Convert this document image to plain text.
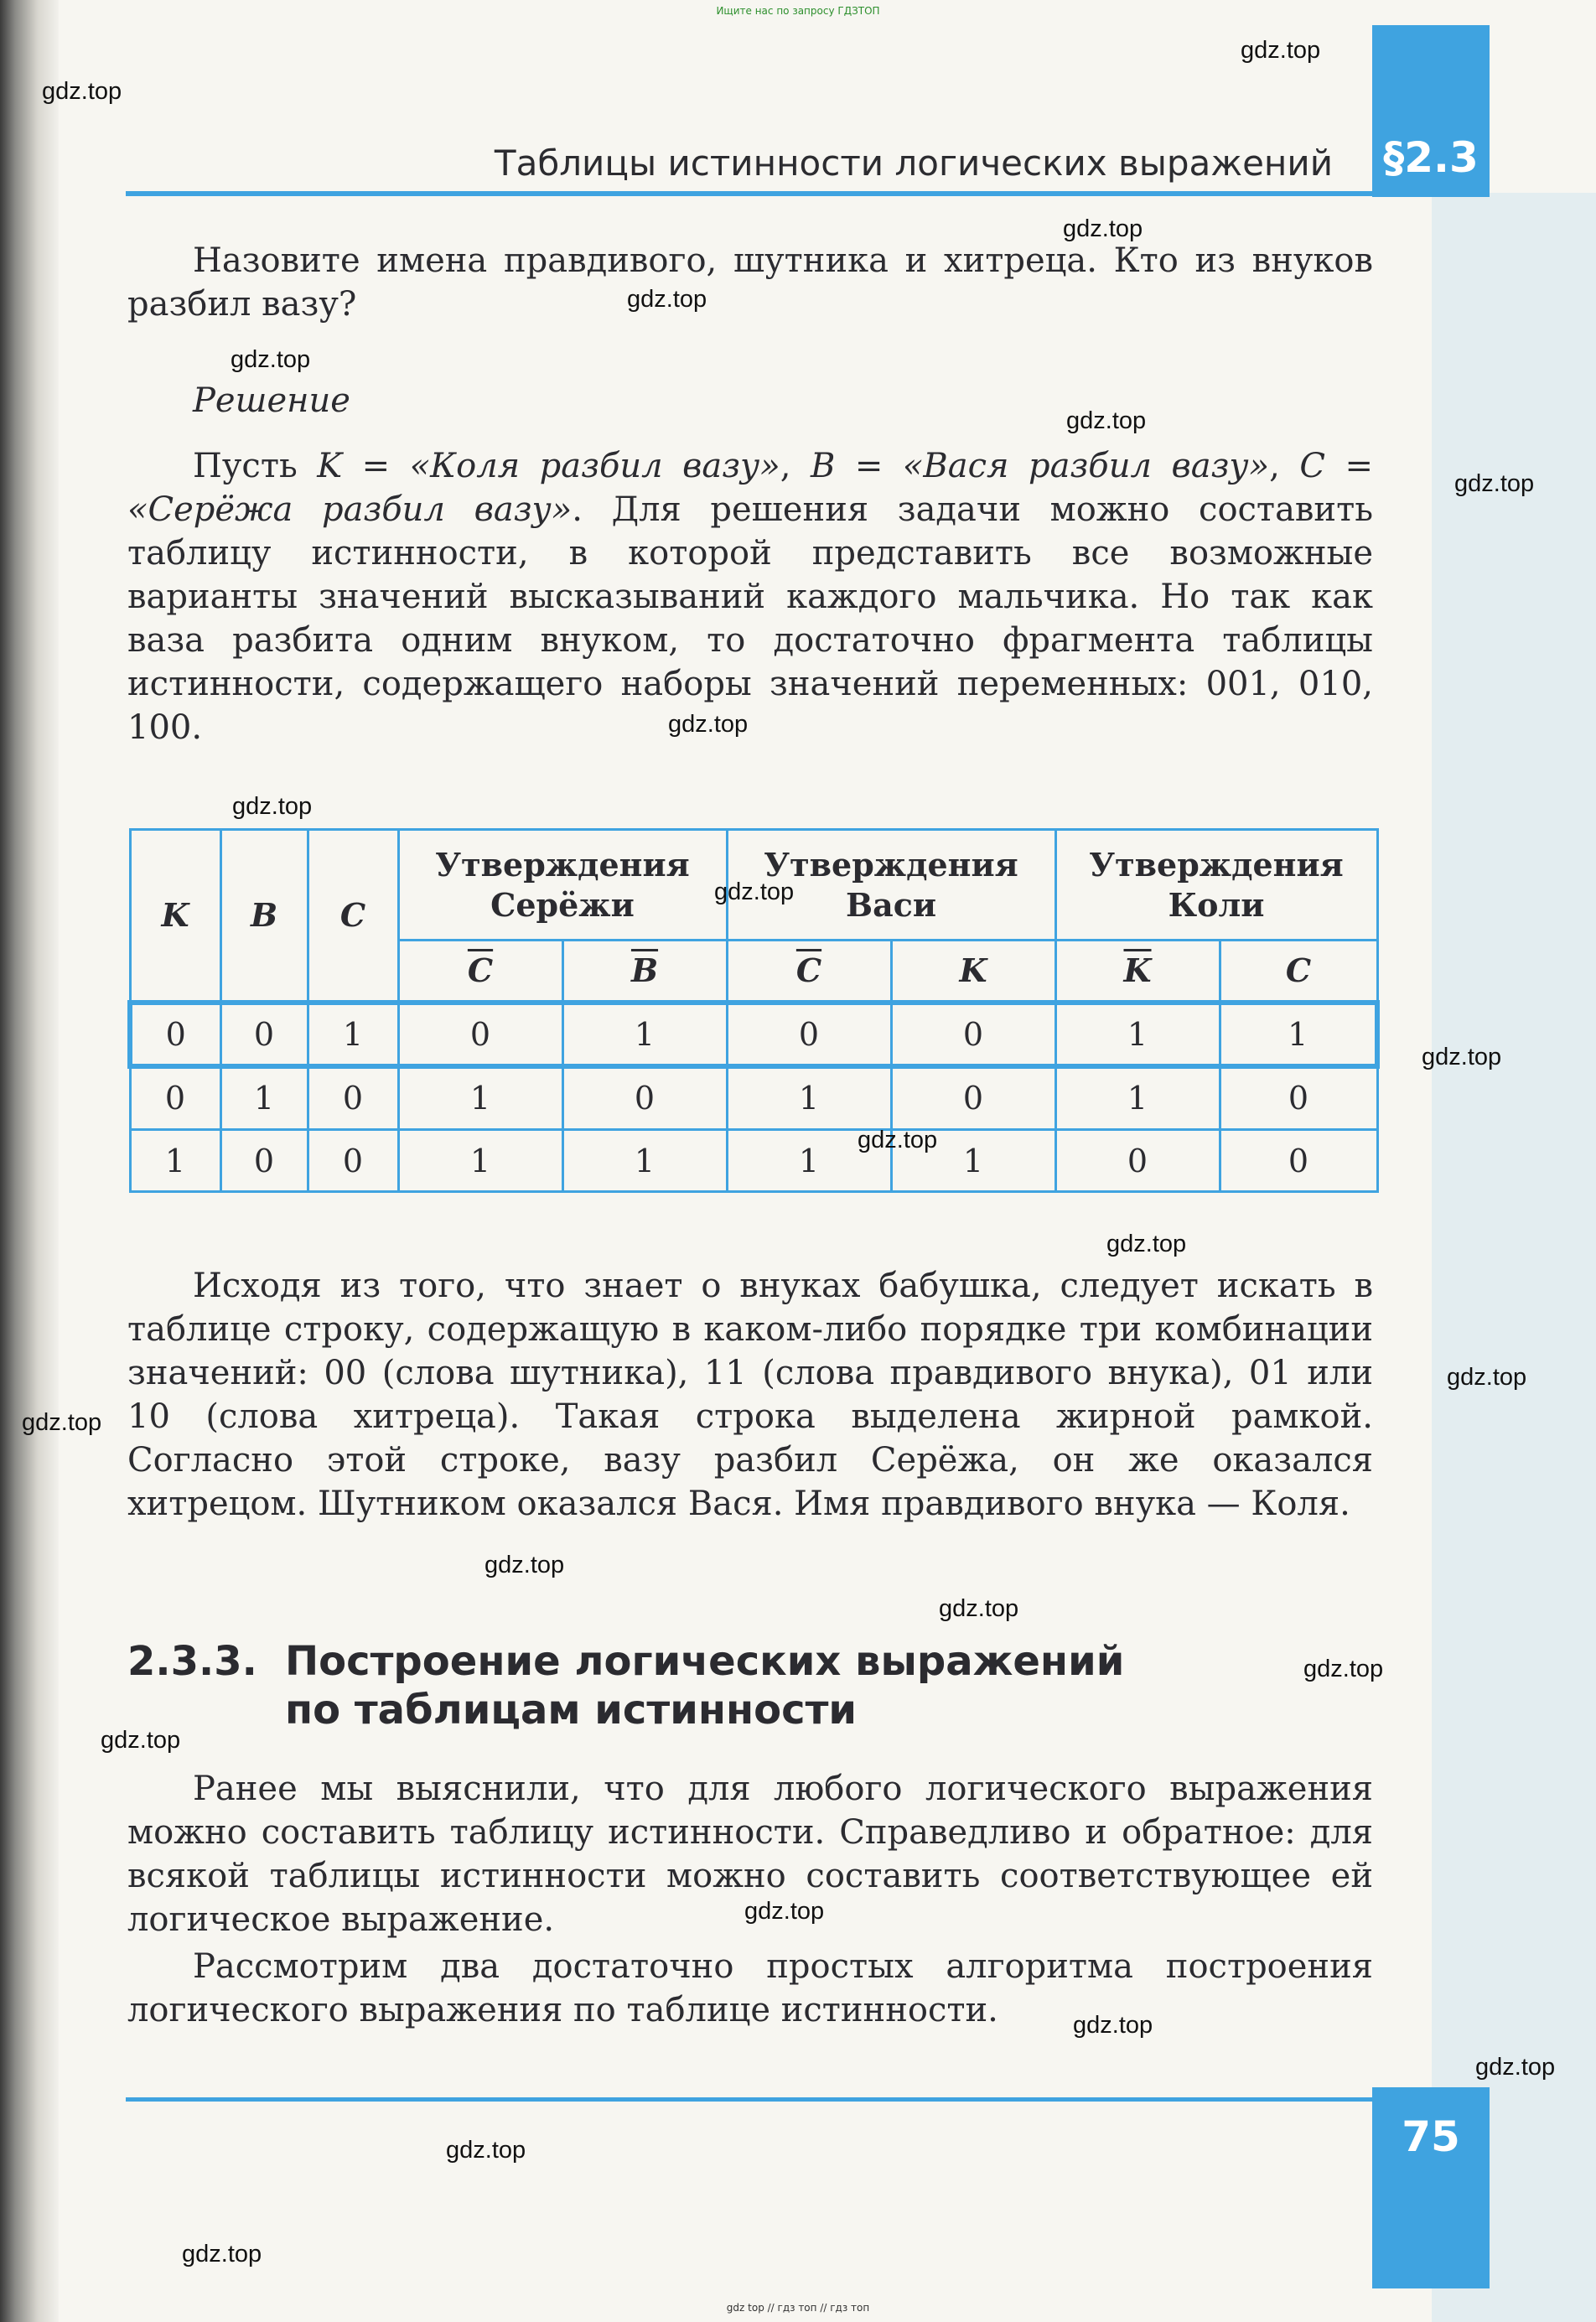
Ищите нас по запросу ГДЗТОП
§2.3
Таблицы истинности логических выражений

Назовите имена правдивого, шутника и хитреца. Кто из внуков разбил вазу?

Решение

Пусть K = «Коля разбил вазу», B = «Вася разбил вазу», C = «Серёжа разбил вазу». Для решения задачи можно составить таблицу истинности, в которой представить все возможные варианты значений высказываний каждого мальчика. Но так как ваза разбита одним внуком, то достаточно фрагмента таблицы истинности, содержащего наборы значений переменных: 001, 010, 100.

K	B	C	Утверждения Серёжи		Утверждения Васи		Утверждения Коли	
			$\overline{C}$	$\overline{B}$	$\overline{C}$	K	$\overline{K}$	C
0	0	1	0	1	0	0	1	1
0	1	0	1	0	1	0	1	0
1	0	0	1	1	1	1	0	0

Исходя из того, что знает о внуках бабушка, следует искать в таблице строку, содержащую в каком-либо порядке три комбинации значений: 00 (слова шутника), 11 (слова правдивого внука), 01 или 10 (слова хитреца). Такая строка выделена жирной рамкой. Согласно этой строке, вазу разбил Серёжа, он же оказался хитрецом. Шутником оказался Вася. Имя правдивого внука — Коля.

2.3.3. Построение логических выражений
по таблицам истинности

Ранее мы выяснили, что для любого логического выражения можно составить таблицу истинности. Справедливо и обратное: для всякой таблицы истинности можно составить соответствующее ей логическое выражение.

Рассмотрим два достаточно простых алгоритма построения логического выражения по таблице истинности.

75
gdz.top
gdz.top
gdz.top
gdz.top
gdz.top
gdz.top
gdz.top
gdz.top
gdz.top
gdz.top
gdz.top
gdz.top
gdz.top
gdz.top
gdz.top
gdz.top
gdz.top
gdz.top
gdz.top
gdz.top
gdz.top
gdz.top
gdz.top
gdz.top
gdz top // гдз топ // гдз топ
